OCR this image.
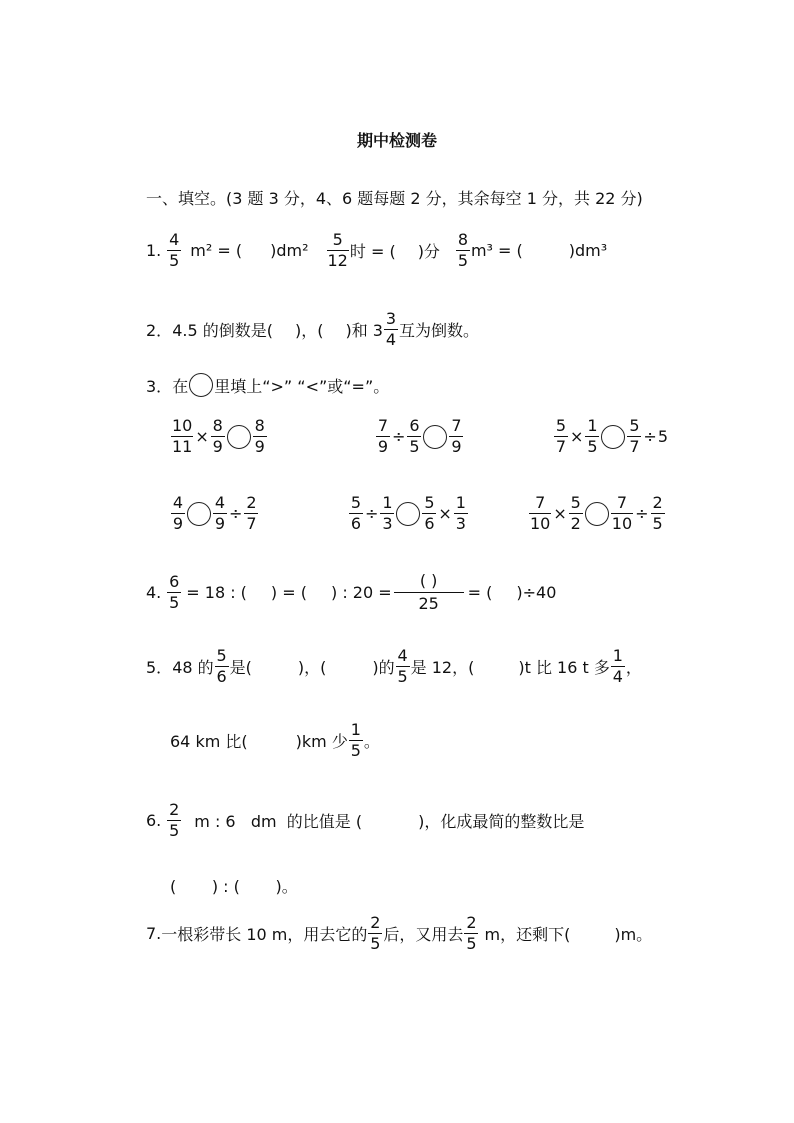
期中检测卷
一、填空。(3 题 3 分，4、6 题每题 2 分，其余每空 1 分，共 22 分)
1. $\frac{4}{5} m^2$ = ( )$dm^2 \frac{5}{12}$ 时 = ( )分 $\frac{8}{5} m^3$ = (	)dm³
2． 4.5 的倒数是( )，( )和 $3 \frac{3}{4}$ 互为倒数。
3． 在 里填上“>” “<”或“=”。
$\frac{10}{11} \times \frac{8}{9} \frac{8}{9}$	$\frac{7}{9} \div \frac{6}{5} \frac{7}{9}$	$\frac{5}{7} \times \frac{1}{5} \frac{5}{7} \div 5$
$\frac{4}{9} \frac{4}{9} \div \frac{2}{7}$	$\frac{5}{6} \div \frac{1}{3} \frac{5}{6} \times \frac{1}{3}$	$\frac{7}{10} \times \frac{5}{2} \frac{7}{10} \div \frac{2}{5}$
4. $\frac{6}{5} = 18$ : ( ) = ( ) : 20 =
( )
25
= ( )÷40
5． 48 的 $\frac{5}{6}$ 是(	)，(	)的 $\frac{4}{5}$ 是 12，(	)t 比 16 t 多 $\frac{1}{4}$ ，
64 km 比(	)km 少 $\frac{1}{5}$ 。
6. $\frac{2}{5}$ m : 6   dm  的比值是 (	)，化成最简的整数比是
(       ) : (       )。
7. 一根彩带长 10 m，用去它的 $\frac{2}{5}$ 后，又用去 $\frac{2}{5}$ m，还剩下(	)m。
